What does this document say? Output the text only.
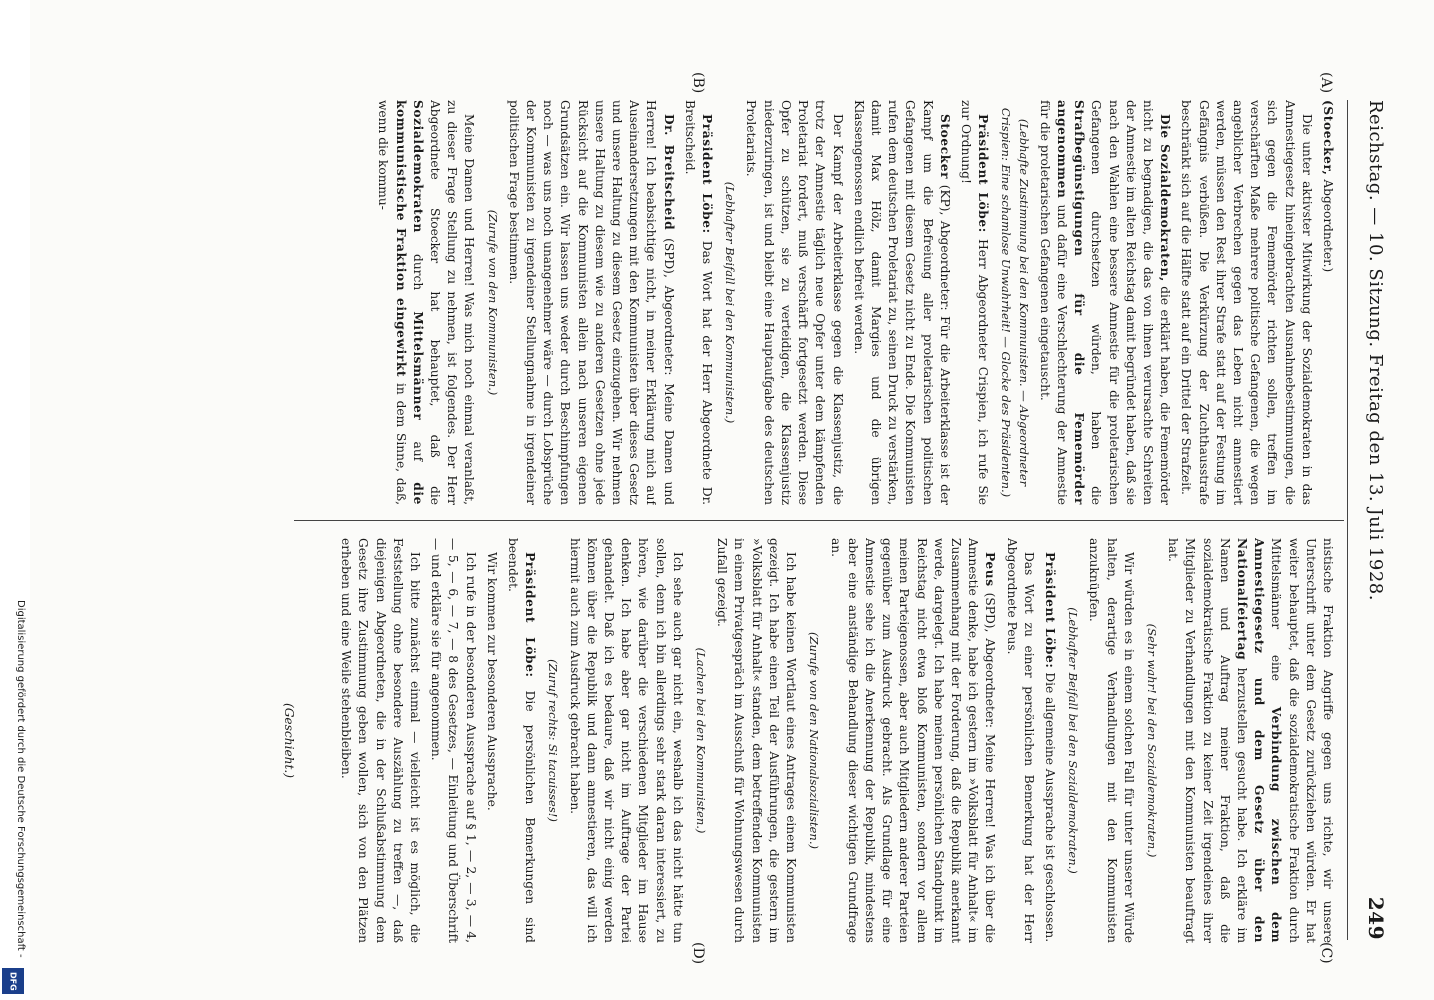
Reichstag. — 10. Sitzung. Freitag den 13. Juli 1928.
249
(A)
(B)
(C)
(D)

(Stoecker, Abgeordneter.)

Die unter aktivster Mitwirkung der Sozialdemokraten in das Amnestiegesetz hineingebrachten Ausnahmebestimmungen, die sich gegen die Fememörder richten sollen, treffen im verschärften Maße mehrere politische Gefangenen, die wegen angeblicher Verbrechen gegen das Leben nicht amnestiert werden, müssen den Rest ihrer Strafe statt auf der Festung im Gefängnis verbüßen. Die Verkürzung der Zuchthausstrafe beschränkt sich auf die Hälfte statt auf ein Drittel der Strafzeit.

Die Sozialdemokraten, die erklärt haben, die Fememörder nicht zu begnadigen, die das von ihnen verursachte Schreiten der Amnestie im alten Reichstag damit begründet haben, daß sie nach den Wahlen eine bessere Amnestie für die proletarischen Gefangenen durchsetzen würden, haben die Strafbegünstigungen für die Fememörder angenommen und dafür eine Verschlechterung der Amnestie für die proletarischen Gefangenen eingetauscht.

(Lebhafte Zustimmung bei den Kommunisten. — Abgeordneter Crispien: Eine schamlose Unwahrheit! — Glocke des Präsidenten.)

Präsident Löbe: Herr Abgeordneter Crispien, ich rufe Sie zur Ordnung!

Stoecker (KP), Abgeordneter: Für die Arbeiterklasse ist der Kampf um die Befreiung aller proletarischen politischen Gefangenen mit diesem Gesetz nicht zu Ende. Die Kommunisten rufen dem deutschen Proletariat zu, seinen Druck zu verstärken, damit Max Hölz, damit Margies und die übrigen Klassengenossen endlich befreit werden.

Der Kampf der Arbeiterklasse gegen die Klassenjustiz, die trotz der Amnestie täglich neue Opfer unter dem kämpfenden Proletariat fordert, muß verschärft fortgesetzt werden. Diese Opfer zu schützen, sie zu verteidigen, die Klassenjustiz niederzuringen, ist und bleibt eine Hauptaufgabe des deutschen Proletariats.

(Lebhafter Beifall bei den Kommunisten.)

Präsident Löbe: Das Wort hat der Herr Abgeordnete Dr. Breitscheid.

Dr. Breitscheid (SPD), Abgeordneter: Meine Damen und Herren! Ich beabsichtige nicht, in meiner Erklärung mich auf Auseinandersetzungen mit den Kommunisten über dieses Gesetz und unsere Haltung zu diesem Gesetz einzugehen. Wir nehmen unsere Haltung zu diesem wie zu anderen Gesetzen ohne jede Rücksicht auf die Kommunisten allein nach unseren eigenen Grundsätzen ein. Wir lassen uns weder durch Beschimpfungen noch — was uns noch unangenehmer wäre — durch Lobsprüche der Kommunisten zu irgendeiner Stellungnahme in irgendeiner politischen Frage bestimmen.

(Zurufe von den Kommunisten.)

Meine Damen und Herren! Was mich noch einmal veranlaßt, zu dieser Frage Stellung zu nehmen, ist folgendes. Der Herr Abgeordnete Stoecker hat behauptet, daß die Sozialdemokraten durch Mittelsmänner auf die kommunistische Fraktion eingewirkt in dem Sinne, daß, wenn die kommu-

nistische Fraktion Angriffe gegen uns richte, wir unsere Unterschrift unter dem Gesetz zurückziehen würden. Er hat weiter behauptet, daß die sozialdemokratische Fraktion durch Mittelsmänner eine Verbindung zwischen dem Amnestiegesetz und dem Gesetz über den Nationalfeiertag herzustellen gesucht habe. Ich erkläre im Namen und Auftrag meiner Fraktion, daß die sozialdemokratische Fraktion zu keiner Zeit irgendeines ihrer Mitglieder zu Verhandlungen mit den Kommunisten beauftragt hat.

(Sehr wahr! bei den Sozialdemokraten.)

Wir würden es in einem solchen Fall für unter unserer Würde halten, derartige Verhandlungen mit den Kommunisten anzuknüpfen.

(Lebhafter Beifall bei den Sozialdemokraten.)

Präsident Löbe: Die allgemeine Aussprache ist geschlossen.

Das Wort zu einer persönlichen Bemerkung hat der Herr Abgeordnete Peus.

Peus (SPD), Abgeordneter: Meine Herren! Was ich über die Amnestie denke, habe ich gestern im »Volksblatt für Anhalt« im Zusammenhang mit der Forderung, daß die Republik anerkannt werde, dargelegt. Ich habe meinen persönlichen Standpunkt im Reichstag nicht etwa bloß Kommunisten, sondern vor allem meinen Parteigenossen, aber auch Mitgliedern anderer Parteien gegenüber zum Ausdruck gebracht. Als Grundlage für eine Amnestie sehe ich die Anerkennung der Republik, mindestens aber eine anständige Behandlung dieser wichtigen Grundfrage an.

(Zurufe von den Nationalsozialisten.)

Ich habe keinen Wortlaut eines Antrages einem Kommunisten gezeigt. Ich habe einen Teil der Ausführungen, die gestern im »Volksblatt für Anhalt« standen, dem betreffenden Kommunisten in einem Privatgespräch im Ausschuß für Wohnungswesen durch Zufall gezeigt.

(Lachen bei den Kommunisten.)

Ich sehe auch gar nicht ein, weshalb ich das nicht hätte tun sollen, denn ich bin allerdings sehr stark daran interessiert, zu hören, wie darüber die verschiedenen Mitglieder im Hause denken. Ich habe aber gar nicht im Auftrage der Partei gehandelt. Daß ich es bedaure, daß wir nicht einig werden können über die Republik und dann amnestieren, das will ich hiermit auch zum Ausdruck gebracht haben.

(Zuruf rechts: Si tacuisses!)

Präsident Löbe: Die persönlichen Bemerkungen sind beendet.

Wir kommen zur besonderen Aussprache.

Ich rufe in der besonderen Aussprache auf § 1, — 2, — 3, — 4, — 5, — 6, — 7, — 8 des Gesetzes, — Einleitung und Überschrift — und erkläre sie für angenommen.

Ich bitte zunächst einmal — vielleicht ist es möglich, die Feststellung ohne besondere Auszählung zu treffen —, daß diejenigen Abgeordneten, die in der Schlußabstimmung dem Gesetz ihre Zustimmung geben wollen, sich von den Plätzen erheben und eine Weile stehenbleiben.

(Geschieht.)

Digitalisierung gefördert durch die Deutsche Forschungsgemeinschaft -
DFG
